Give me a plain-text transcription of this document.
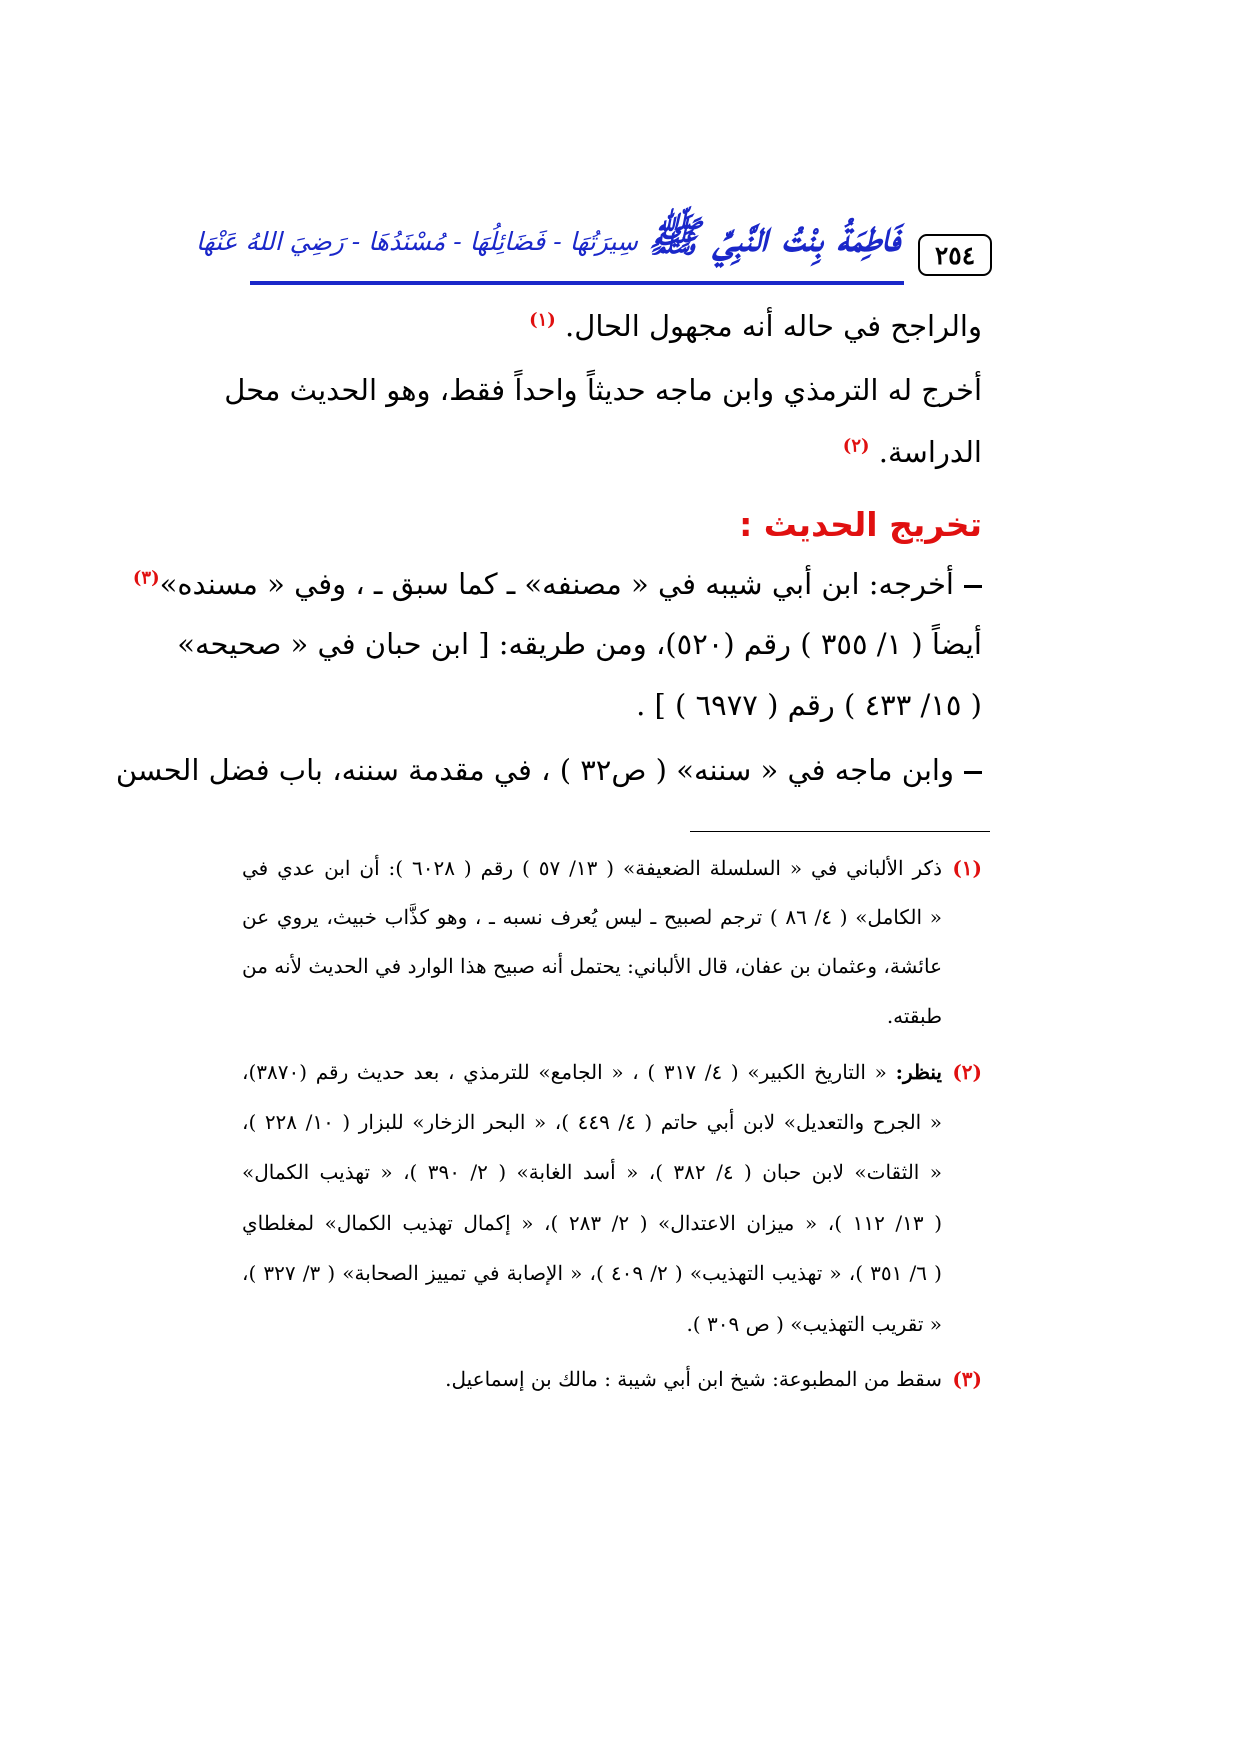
٢٥٤
فَاطِمَةُ بِنْتُ النَّبِيِّ ﷺ
سِيرَتُهَا - فَضَائِلُهَا - مُسْنَدُهَا - رَضِيَ اللهُ عَنْهَا
والراجح في حاله أنه مجهول الحال. $^{(١)}$
أخرج له الترمذي وابن ماجه حديثاً واحداً فقط، وهو الحديث محل
الدراسة. $^{(٢)}$
تخريج الحديث :
أخرجه: ابن أبي شيبه في « مصنفه» ـ كما سبق ـ ، وفي « مسنده»$^{(٣)}$
أيضاً ( ١/ ٣٥٥ ) رقم (٥٢٠)، ومن طريقه: [ ابن حبان في « صحيحه»
( ١٥/ ٤٣٣ ) رقم ( ٦٩٧٧ ) ] .
وابن ماجه في « سننه» ( ص٣٢ ) ، في مقدمة سننه، باب فضل الحسن
(١)
ذكر الألباني في « السلسلة الضعيفة» ( ١٣/ ٥٧ ) رقم ( ٦٠٢٨ ): أن ابن عدي في
« الكامل» ( ٤/ ٨٦ ) ترجم لصبيح ـ ليس يُعرف نسبه ـ ، وهو كذَّاب خبيث، يروي عن
عائشة، وعثمان بن عفان، قال الألباني: يحتمل أنه صبيح هذا الوارد في الحديث لأنه من
طبقته.
(٢)
ينظر: « التاريخ الكبير» ( ٤/ ٣١٧ ) ، « الجامع» للترمذي ، بعد حديث رقم (٣٨٧٠)،
« الجرح والتعديل» لابن أبي حاتم ( ٤/ ٤٤٩ )، « البحر الزخار» للبزار ( ١٠/ ٢٢٨ )،
« الثقات» لابن حبان ( ٤/ ٣٨٢ )، « أسد الغابة» ( ٢/ ٣٩٠ )، « تهذيب الكمال»
( ١٣/ ١١٢ )، « ميزان الاعتدال» ( ٢/ ٢٨٣ )، « إكمال تهذيب الكمال» لمغلطاي
( ٦/ ٣٥١ )، « تهذيب التهذيب» ( ٢/ ٤٠٩ )، « الإصابة في تمييز الصحابة» ( ٣/ ٣٢٧ )،
« تقريب التهذيب» ( ص ٣٠٩ ).
(٣)
سقط من المطبوعة: شيخ ابن أبي شيبة : مالك بن إسماعيل.
